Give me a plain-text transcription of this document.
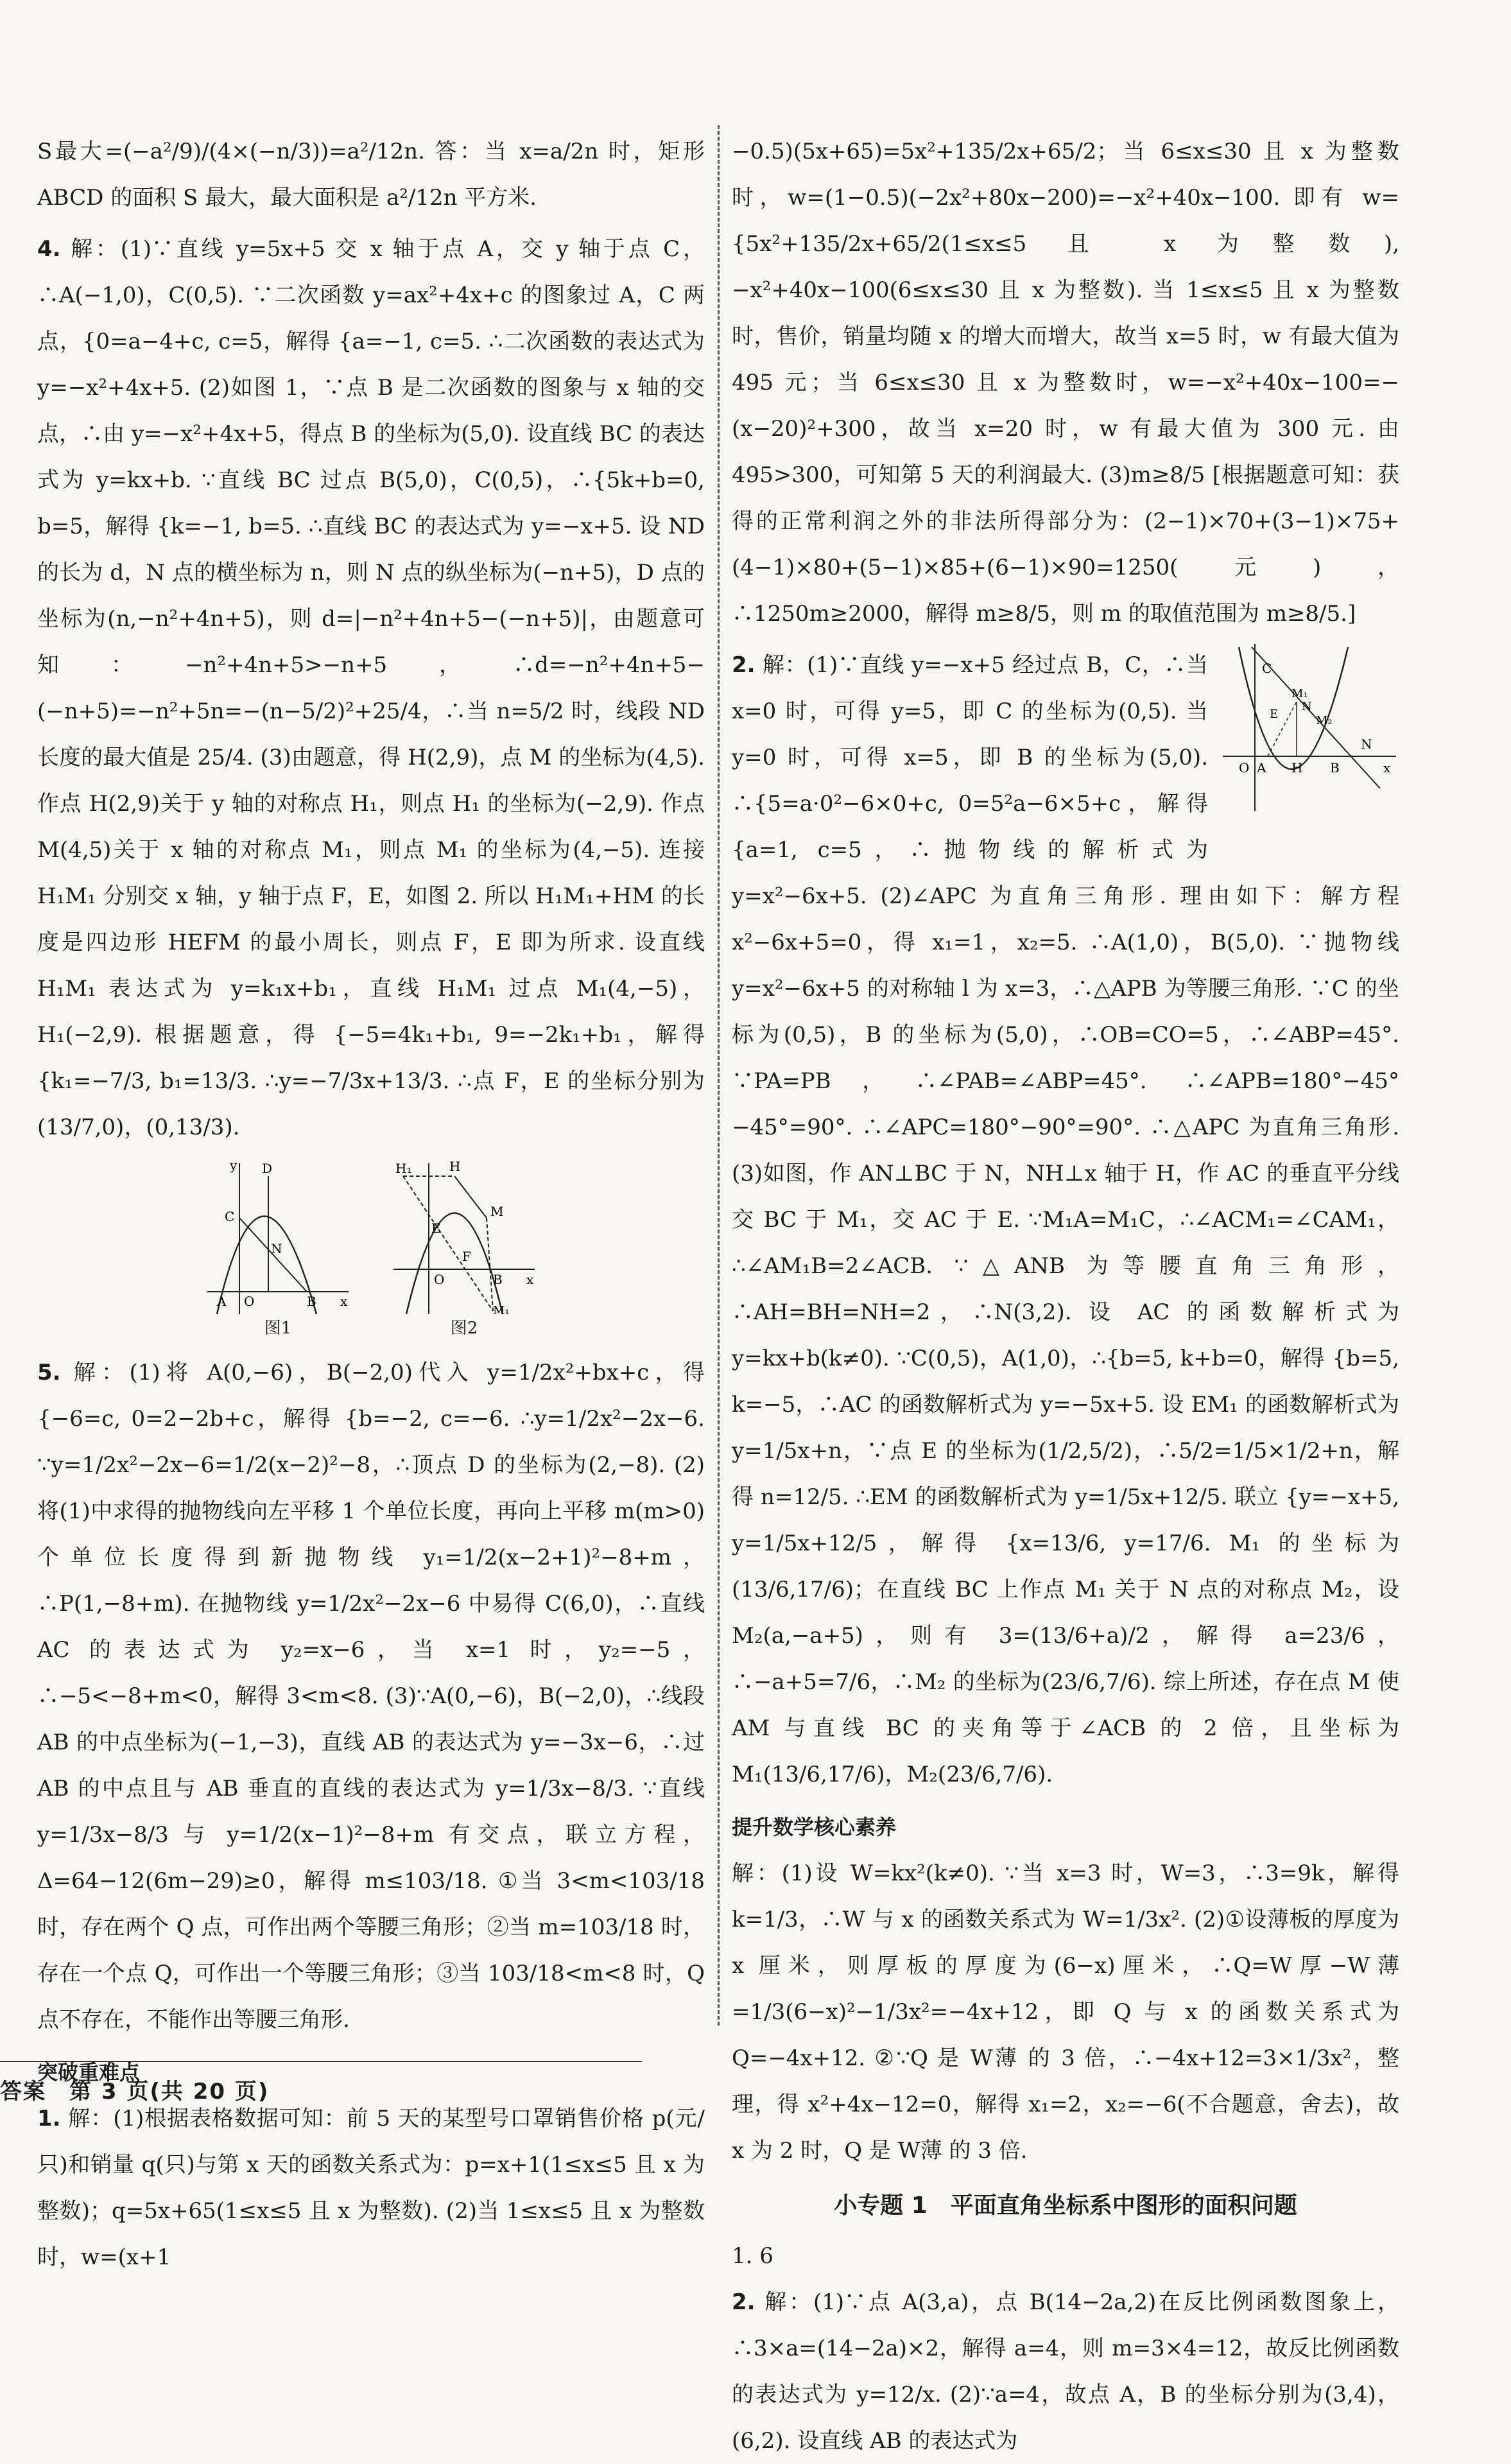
S最大=(−a²/9)/(4×(−n/3))=a²/12n. 答：当 x=a/2n 时，矩形 ABCD 的面积 S 最大，最大面积是 a²/12n 平方米.

4. 解：(1)∵直线 y=5x+5 交 x 轴于点 A，交 y 轴于点 C，∴A(−1,0)，C(0,5). ∵二次函数 y=ax²+4x+c 的图象过 A，C 两点，{0=a−4+c, c=5，解得 {a=−1, c=5. ∴二次函数的表达式为 y=−x²+4x+5. (2)如图 1，∵点 B 是二次函数的图象与 x 轴的交点，∴由 y=−x²+4x+5，得点 B 的坐标为(5,0). 设直线 BC 的表达式为 y=kx+b. ∵直线 BC 过点 B(5,0)，C(0,5)，∴{5k+b=0, b=5，解得 {k=−1, b=5. ∴直线 BC 的表达式为 y=−x+5. 设 ND 的长为 d，N 点的横坐标为 n，则 N 点的纵坐标为(−n+5)，D 点的坐标为(n,−n²+4n+5)，则 d=|−n²+4n+5−(−n+5)|，由题意可知：−n²+4n+5>−n+5，∴d=−n²+4n+5−(−n+5)=−n²+5n=−(n−5/2)²+25/4，∴当 n=5/2 时，线段 ND 长度的最大值是 25/4. (3)由题意，得 H(2,9)，点 M 的坐标为(4,5). 作点 H(2,9)关于 y 轴的对称点 H₁，则点 H₁ 的坐标为(−2,9). 作点 M(4,5)关于 x 轴的对称点 M₁，则点 M₁ 的坐标为(4,−5). 连接 H₁M₁ 分别交 x 轴，y 轴于点 F，E，如图 2. 所以 H₁M₁+HM 的长度是四边形 HEFM 的最小周长，则点 F，E 即为所求. 设直线 H₁M₁ 表达式为 y=k₁x+b₁，直线 H₁M₁ 过点 M₁(4,−5)，H₁(−2,9). 根据题意，得 {−5=4k₁+b₁, 9=−2k₁+b₁，解得 {k₁=−7/3, b₁=13/3. ∴y=−7/3x+13/3. ∴点 F，E 的坐标分别为(13/7,0)，(0,13/3).

D
C
N
A O	B x
y
图1
H₁	H
M
E
F
O	B x
M₁
图2

5. 解：(1)将 A(0,−6)，B(−2,0)代入 y=1/2x²+bx+c，得 {−6=c, 0=2−2b+c，解得 {b=−2, c=−6. ∴y=1/2x²−2x−6. ∵y=1/2x²−2x−6=1/2(x−2)²−8，∴顶点 D 的坐标为(2,−8). (2)将(1)中求得的抛物线向左平移 1 个单位长度，再向上平移 m(m>0)个单位长度得到新抛物线 y₁=1/2(x−2+1)²−8+m，∴P(1,−8+m). 在抛物线 y=1/2x²−2x−6 中易得 C(6,0)，∴直线 AC 的表达式为 y₂=x−6，当 x=1 时，y₂=−5，∴−5<−8+m<0，解得 3<m<8. (3)∵A(0,−6)，B(−2,0)，∴线段 AB 的中点坐标为(−1,−3)，直线 AB 的表达式为 y=−3x−6，∴过 AB 的中点且与 AB 垂直的直线的表达式为 y=1/3x−8/3. ∵直线 y=1/3x−8/3 与 y=1/2(x−1)²−8+m 有交点，联立方程，Δ=64−12(6m−29)≥0，解得 m≤103/18. ①当 3<m<103/18 时，存在两个 Q 点，可作出两个等腰三角形；②当 m=103/18 时，存在一个点 Q，可作出一个等腰三角形；③当 103/18<m<8 时，Q 点不存在，不能作出等腰三角形.

突破重难点

1. 解：(1)根据表格数据可知：前 5 天的某型号口罩销售价格 p(元/只)和销量 q(只)与第 x 天的函数关系式为：p=x+1(1≤x≤5 且 x 为整数)；q=5x+65(1≤x≤5 且 x 为整数). (2)当 1≤x≤5 且 x 为整数时，w=(x+1

−0.5)(5x+65)=5x²+135/2x+65/2；当 6≤x≤30 且 x 为整数时，w=(1−0.5)(−2x²+80x−200)=−x²+40x−100. 即有 w={5x²+135/2x+65/2(1≤x≤5 且 x 为整数), −x²+40x−100(6≤x≤30 且 x 为整数). 当 1≤x≤5 且 x 为整数时，售价，销量均随 x 的增大而增大，故当 x=5 时，w 有最大值为 495 元；当 6≤x≤30 且 x 为整数时，w=−x²+40x−100=−(x−20)²+300，故当 x=20 时，w 有最大值为 300 元. 由 495>300，可知第 5 天的利润最大. (3)m≥8/5 [根据题意可知：获得的正常利润之外的非法所得部分为：(2−1)×70+(3−1)×75+(4−1)×80+(5−1)×85+(6−1)×90=1250(元)，∴1250m≥2000，解得 m≥8/5，则 m 的取值范围为 m≥8/5.]

C
M₁
N
E	M₂
O A H B
N
x

2. 解：(1)∵直线 y=−x+5 经过点 B，C，∴当 x=0 时，可得 y=5，即 C 的坐标为(0,5). 当 y=0 时，可得 x=5，即 B 的坐标为(5,0). ∴{5=a·0²−6×0+c, 0=5²a−6×5+c，解得 {a=1, c=5，∴抛物线的解析式为 y=x²−6x+5. (2)∠APC 为直角三角形. 理由如下：解方程 x²−6x+5=0，得 x₁=1，x₂=5. ∴A(1,0)，B(5,0). ∵抛物线 y=x²−6x+5 的对称轴 l 为 x=3，∴△APB 为等腰三角形. ∵C 的坐标为(0,5)，B 的坐标为(5,0)，∴OB=CO=5，∴∠ABP=45°. ∵PA=PB，∴∠PAB=∠ABP=45°. ∴∠APB=180°−45°−45°=90°. ∴∠APC=180°−90°=90°. ∴△APC 为直角三角形. (3)如图，作 AN⊥BC 于 N，NH⊥x 轴于 H，作 AC 的垂直平分线交 BC 于 M₁，交 AC 于 E. ∵M₁A=M₁C，∴∠ACM₁=∠CAM₁，∴∠AM₁B=2∠ACB. ∵△ANB 为等腰直角三角形，∴AH=BH=NH=2，∴N(3,2). 设 AC 的函数解析式为 y=kx+b(k≠0). ∵C(0,5)，A(1,0)，∴{b=5, k+b=0，解得 {b=5, k=−5，∴AC 的函数解析式为 y=−5x+5. 设 EM₁ 的函数解析式为 y=1/5x+n，∵点 E 的坐标为(1/2,5/2)，∴5/2=1/5×1/2+n，解得 n=12/5. ∴EM 的函数解析式为 y=1/5x+12/5. 联立 {y=−x+5, y=1/5x+12/5，解得 {x=13/6, y=17/6. M₁ 的坐标为(13/6,17/6)；在直线 BC 上作点 M₁ 关于 N 点的对称点 M₂，设 M₂(a,−a+5)，则有 3=(13/6+a)/2，解得 a=23/6，∴−a+5=7/6，∴M₂ 的坐标为(23/6,7/6). 综上所述，存在点 M 使 AM 与直线 BC 的夹角等于∠ACB 的 2 倍，且坐标为 M₁(13/6,17/6)，M₂(23/6,7/6).

提升数学核心素养

解：(1)设 W=kx²(k≠0). ∵当 x=3 时，W=3，∴3=9k，解得 k=1/3，∴W 与 x 的函数关系式为 W=1/3x². (2)①设薄板的厚度为 x 厘米，则厚板的厚度为(6−x)厘米，∴Q=W厚−W薄=1/3(6−x)²−1/3x²=−4x+12，即 Q 与 x 的函数关系式为 Q=−4x+12. ②∵Q 是 W薄 的 3 倍，∴−4x+12=3×1/3x²，整理，得 x²+4x−12=0，解得 x₁=2，x₂=−6(不合题意，舍去)，故 x 为 2 时，Q 是 W薄 的 3 倍.

小专题 1　平面直角坐标系中图形的面积问题

1. 6

2. 解：(1)∵点 A(3,a)，点 B(14−2a,2)在反比例函数图象上，∴3×a=(14−2a)×2，解得 a=4，则 m=3×4=12，故反比例函数的表达式为 y=12/x. (2)∵a=4，故点 A，B 的坐标分别为(3,4)，(6,2). 设直线 AB 的表达式为

答案　第 3 页(共 20 页)
